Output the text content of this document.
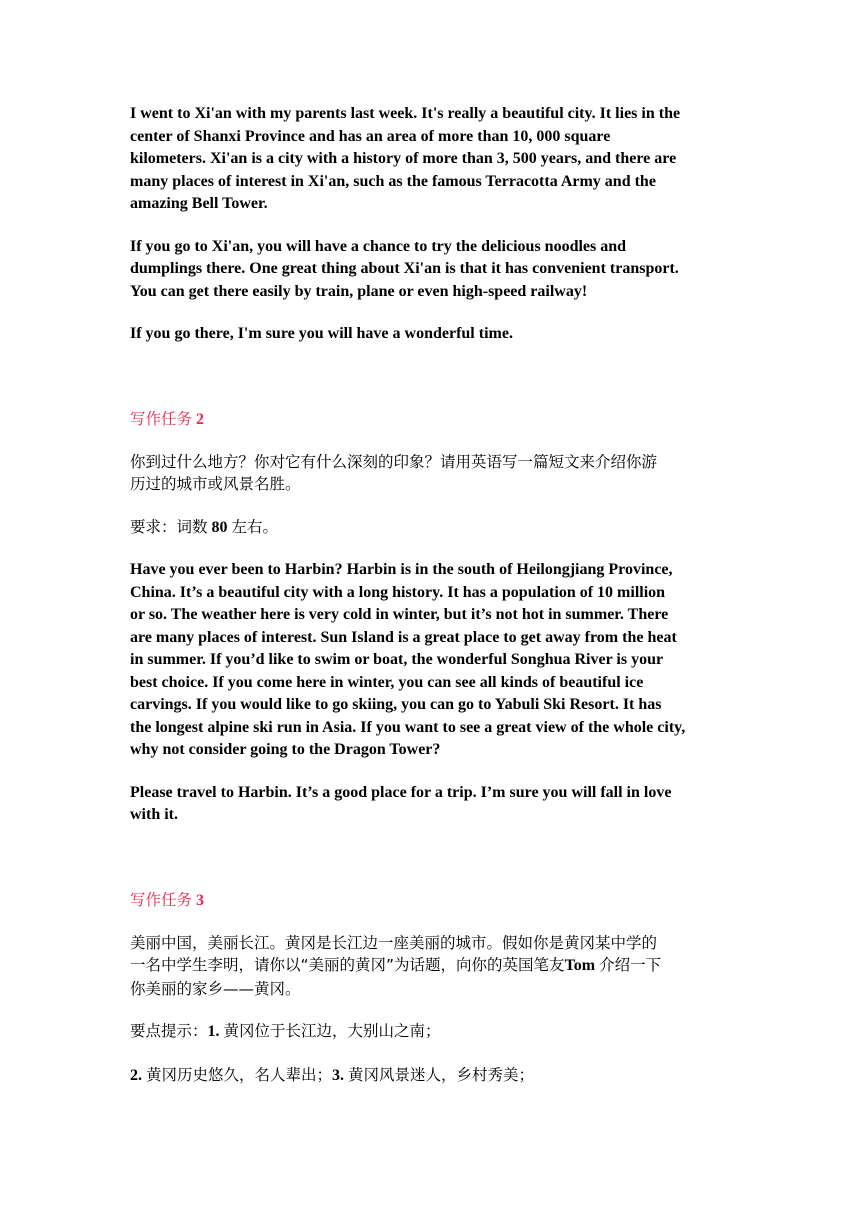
I went to Xi'an with my parents last week. It's really a beautiful city. It lies in the
center of Shanxi Province and has an area of more than 10, 000 square
kilometers. Xi'an is a city with a history of more than 3, 500 years, and there are
many places of interest in Xi'an, such as the famous Terracotta Army and the
amazing Bell Tower.

If you go to Xi'an, you will have a chance to try the delicious noodles and
dumplings there. One great thing about Xi'an is that it has convenient transport.
You can get there easily by train, plane or even high-speed railway!

If you go there, I'm sure you will have a wonderful time.

写作任务 2

你到过什么地方？你对它有什么深刻的印象？请用英语写一篇短文来介绍你游
历过的城市或风景名胜。

要求：词数 80 左右。

Have you ever been to Harbin? Harbin is in the south of Heilongjiang Province,
China. It’s a beautiful city with a long history. It has a population of 10 million
or so. The weather here is very cold in winter, but it’s not hot in summer. There
are many places of interest. Sun Island is a great place to get away from the heat
in summer. If you’d like to swim or boat, the wonderful Songhua River is your
best choice. If you come here in winter, you can see all kinds of beautiful ice
carvings. If you would like to go skiing, you can go to Yabuli Ski Resort. It has
the longest alpine ski run in Asia. If you want to see a great view of the whole city,
why not consider going to the Dragon Tower?

Please travel to Harbin. It’s a good place for a trip. I’m sure you will fall in love
with it.

写作任务 3

美丽中国，美丽长江。黄冈是长江边一座美丽的城市。假如你是黄冈某中学的
一名中学生李明，请你以“美丽的黄冈”为话题，向你的英国笔友Tom 介绍一下
你美丽的家乡——黄冈。

要点提示：1. 黄冈位于长江边，大别山之南；

2. 黄冈历史悠久，名人辈出；3. 黄冈风景迷人，乡村秀美；
